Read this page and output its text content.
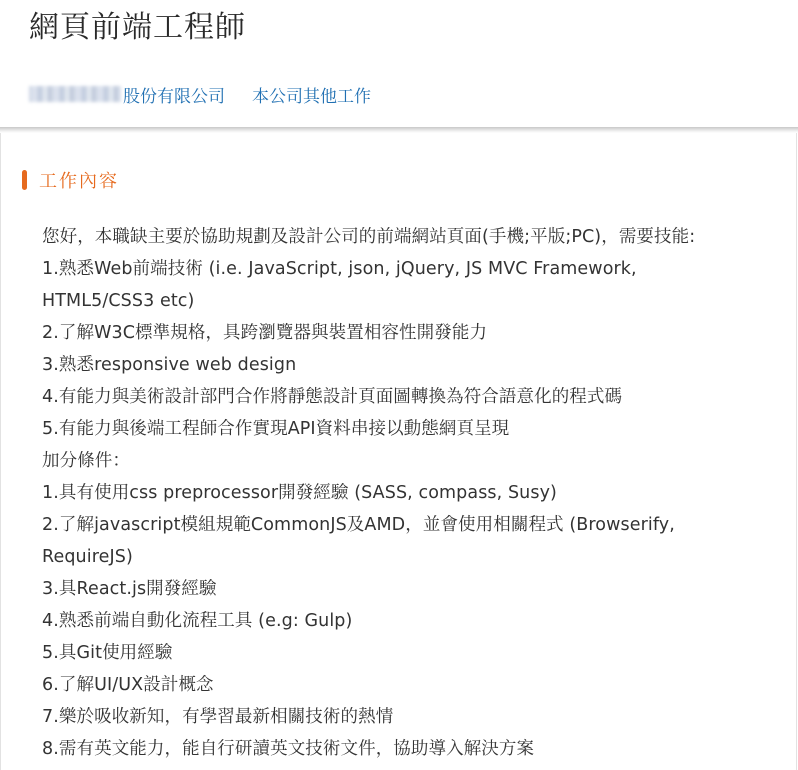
網頁前端工程師
股份有限公司 本公司其他工作
工作內容
您好，本職缺主要於協助規劃及設計公司的前端網站頁面(手機;平版;PC)，需要技能:
1.熟悉Web前端技術 (i.e. JavaScript, json, jQuery, JS MVC Framework,
HTML5/CSS3 etc)
2.了解W3C標準規格，具跨瀏覽器與裝置相容性開發能力
3.熟悉responsive web design
4.有能力與美術設計部門合作將靜態設計頁面圖轉換為符合語意化的程式碼
5.有能力與後端工程師合作實現API資料串接以動態網頁呈現
加分條件：
1.具有使用css preprocessor開發經驗 (SASS, compass, Susy)
2.了解javascript模組規範CommonJS及AMD，並會使用相關程式 (Browserify,
RequireJS)
3.具React.js開發經驗
4.熟悉前端自動化流程工具 (e.g: Gulp)
5.具Git使用經驗
6.了解UI/UX設計概念
7.樂於吸收新知，有學習最新相關技術的熱情
8.需有英文能力，能自行研讀英文技術文件，協助導入解決方案
